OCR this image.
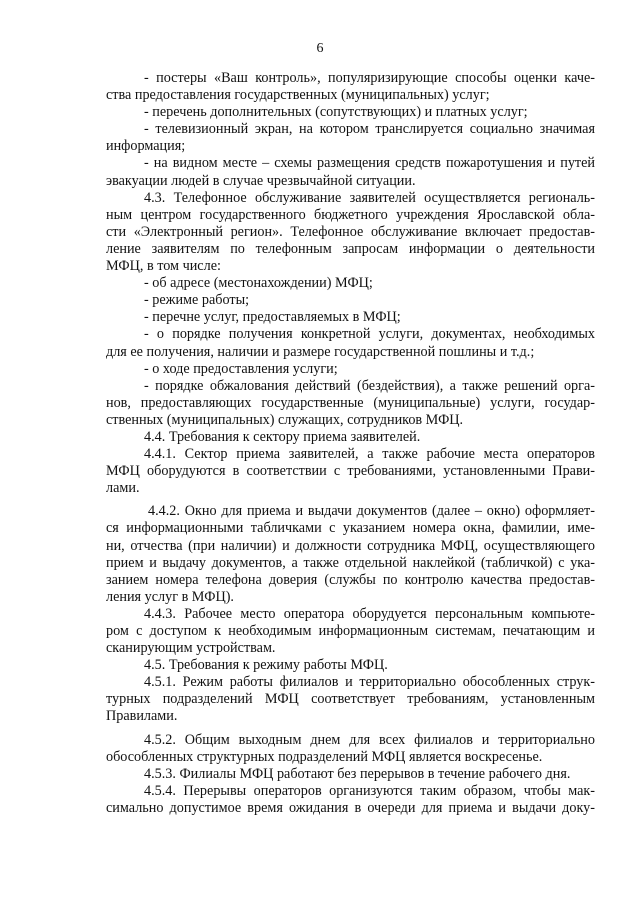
6
- постеры «Ваш контроль», популяризирующие способы оценки каче-
ства предоставления государственных (муниципальных) услуг;
- перечень дополнительных (сопутствующих) и платных услуг;
- телевизионный экран, на котором транслируется социально значимая
информация;
- на видном месте – схемы размещения средств пожаротушения и путей
эвакуации людей в случае чрезвычайной ситуации.
4.3. Телефонное обслуживание заявителей осуществляется региональ-
ным центром государственного бюджетного учреждения Ярославской обла-
сти «Электронный регион». Телефонное обслуживание включает предостав-
ление заявителям по телефонным запросам информации о деятельности
МФЦ, в том числе:
- об адресе (местонахождении) МФЦ;
- режиме работы;
- перечне услуг, предоставляемых в МФЦ;
- о порядке получения конкретной услуги, документах, необходимых
для ее получения, наличии и размере государственной пошлины и т.д.;
- о ходе предоставления услуги;
- порядке обжалования действий (бездействия), а также решений орга-
нов, предоставляющих государственные (муниципальные) услуги, государ-
ственных (муниципальных) служащих, сотрудников МФЦ.
4.4. Требования к сектору приема заявителей.
4.4.1. Сектор приема заявителей, а также рабочие места операторов
МФЦ оборудуются в соответствии с требованиями, установленными Прави-
лами.
4.4.2. Окно для приема и выдачи документов (далее – окно) оформляет-
ся информационными табличками с указанием номера окна, фамилии, име-
ни, отчества (при наличии) и должности сотрудника МФЦ, осуществляющего
прием и выдачу документов, а также отдельной наклейкой (табличкой) с ука-
занием номера телефона доверия (службы по контролю качества предостав-
ления услуг в МФЦ).
4.4.3. Рабочее место оператора оборудуется персональным компьюте-
ром с доступом к необходимым информационным системам, печатающим и
сканирующим устройствам.
4.5. Требования к режиму работы МФЦ.
4.5.1. Режим работы филиалов и территориально обособленных струк-
турных подразделений МФЦ соответствует требованиям, установленным
Правилами.
4.5.2. Общим выходным днем для всех филиалов и территориально
обособленных структурных подразделений МФЦ является воскресенье.
4.5.3. Филиалы МФЦ работают без перерывов в течение рабочего дня.
4.5.4. Перерывы операторов организуются таким образом, чтобы мак-
симально допустимое время ожидания в очереди для приема и выдачи доку-
